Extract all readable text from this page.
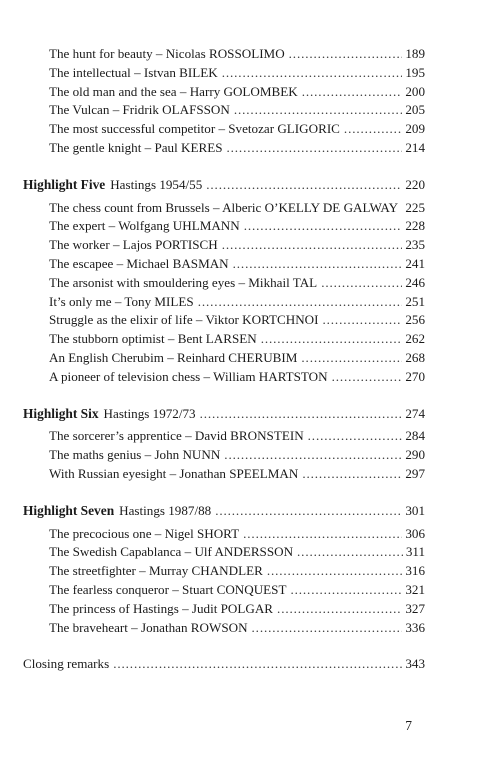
The hunt for beauty – Nicolas ROSSOLIMO . . .	189
The intellectual – Istvan BILEK . . .	195
The old man and the sea – Harry GOLOMBEK . . .	200
The Vulcan – Fridrik OLAFSSON . . .	205
The most successful competitor – Svetozar GLIGORIC . . .	209
The gentle knight – Paul KERES . . .	214
Highlight Five Hastings 1954/55 . . .	220
The chess count from Brussels – Alberic O’KELLY DE GALWAY . . . 225
The expert – Wolfgang UHLMANN . . .	228
The worker – Lajos PORTISCH . . .	235
The escapee – Michael BASMAN . . .	241
The arsonist with smouldering eyes – Mikhail TAL . . .	246
It’s only me – Tony MILES . . .	251
Struggle as the elixir of life – Viktor KORTCHNOI . . .	256
The stubborn optimist – Bent LARSEN . . .	262
An English Cherubim – Reinhard CHERUBIM . . .	268
A pioneer of television chess – William HARTSTON . . .	270
Highlight Six Hastings 1972/73 . . .	274
The sorcerer’s apprentice – David BRONSTEIN . . .	284
The maths genius – John NUNN . . .	290
With Russian eyesight – Jonathan SPEELMAN . . .	297
Highlight Seven Hastings 1987/88 . . .	301
The precocious one – Nigel SHORT . . .	306
The Swedish Capablanca – Ulf ANDERSSON . . .	311
The streetfighter – Murray CHANDLER . . .	316
The fearless conqueror – Stuart CONQUEST . . .	321
The princess of Hastings – Judit POLGAR . . .	327
The braveheart – Jonathan ROWSON . . .	336
Closing remarks . . .	343
7
